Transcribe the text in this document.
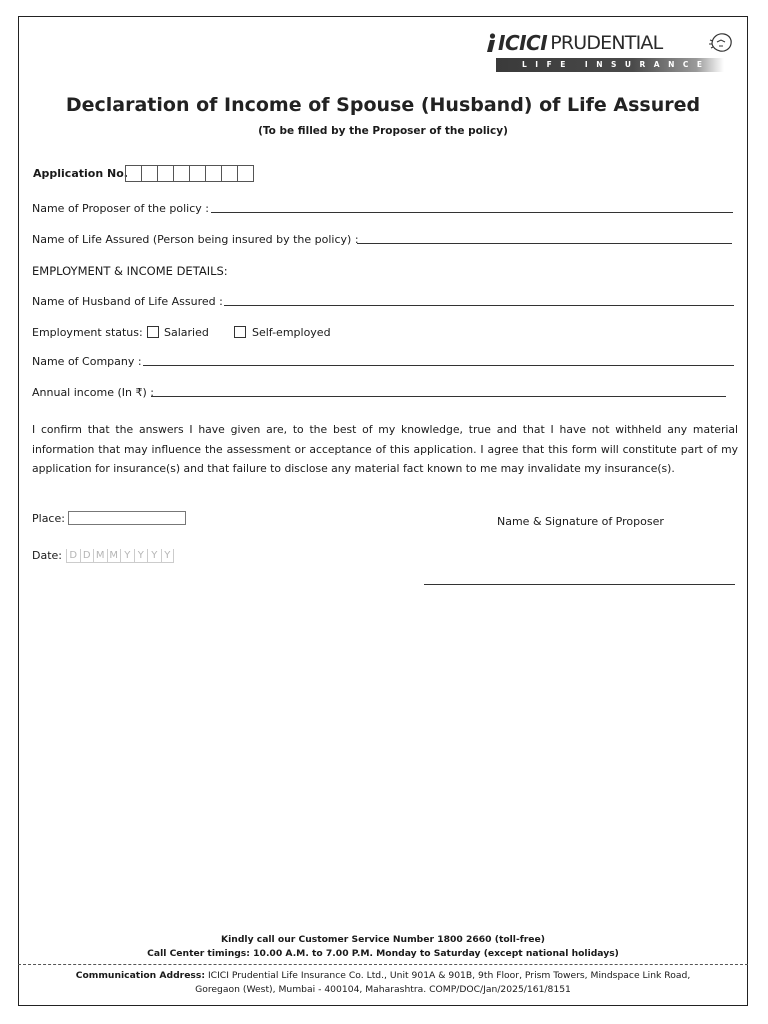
ICICI PRUDENTIAL
LIFE INSURANCE
Declaration of Income of Spouse (Husband) of Life Assured
(To be filled by the Proposer of the policy)
Application No.
Name of Proposer of the policy :
Name of Life Assured (Person being insured by the policy) :
EMPLOYMENT & INCOME DETAILS:
Name of Husband of Life Assured :
Employment status: Salaried	Self-employed
Name of Company :
Annual income (In ₹) :
I confirm that the answers I have given are, to the best of my knowledge, true and that I have not withheld any material information that may influence the assessment or acceptance of this application. I agree that this form will constitute part of my application for insurance(s) and that failure to disclose any material fact known to me may invalidate my insurance(s).
Place:	Name & Signature of Proposer
Date: D D M M Y Y Y Y
Kindly call our Customer Service Number 1800 2660 (toll-free)
Call Center timings: 10.00 A.M. to 7.00 P.M. Monday to Saturday (except national holidays)
Communication Address: ICICI Prudential Life Insurance Co. Ltd., Unit 901A & 901B, 9th Floor, Prism Towers, Mindspace Link Road,
Goregaon (West), Mumbai - 400104, Maharashtra. COMP/DOC/Jan/2025/161/8151
